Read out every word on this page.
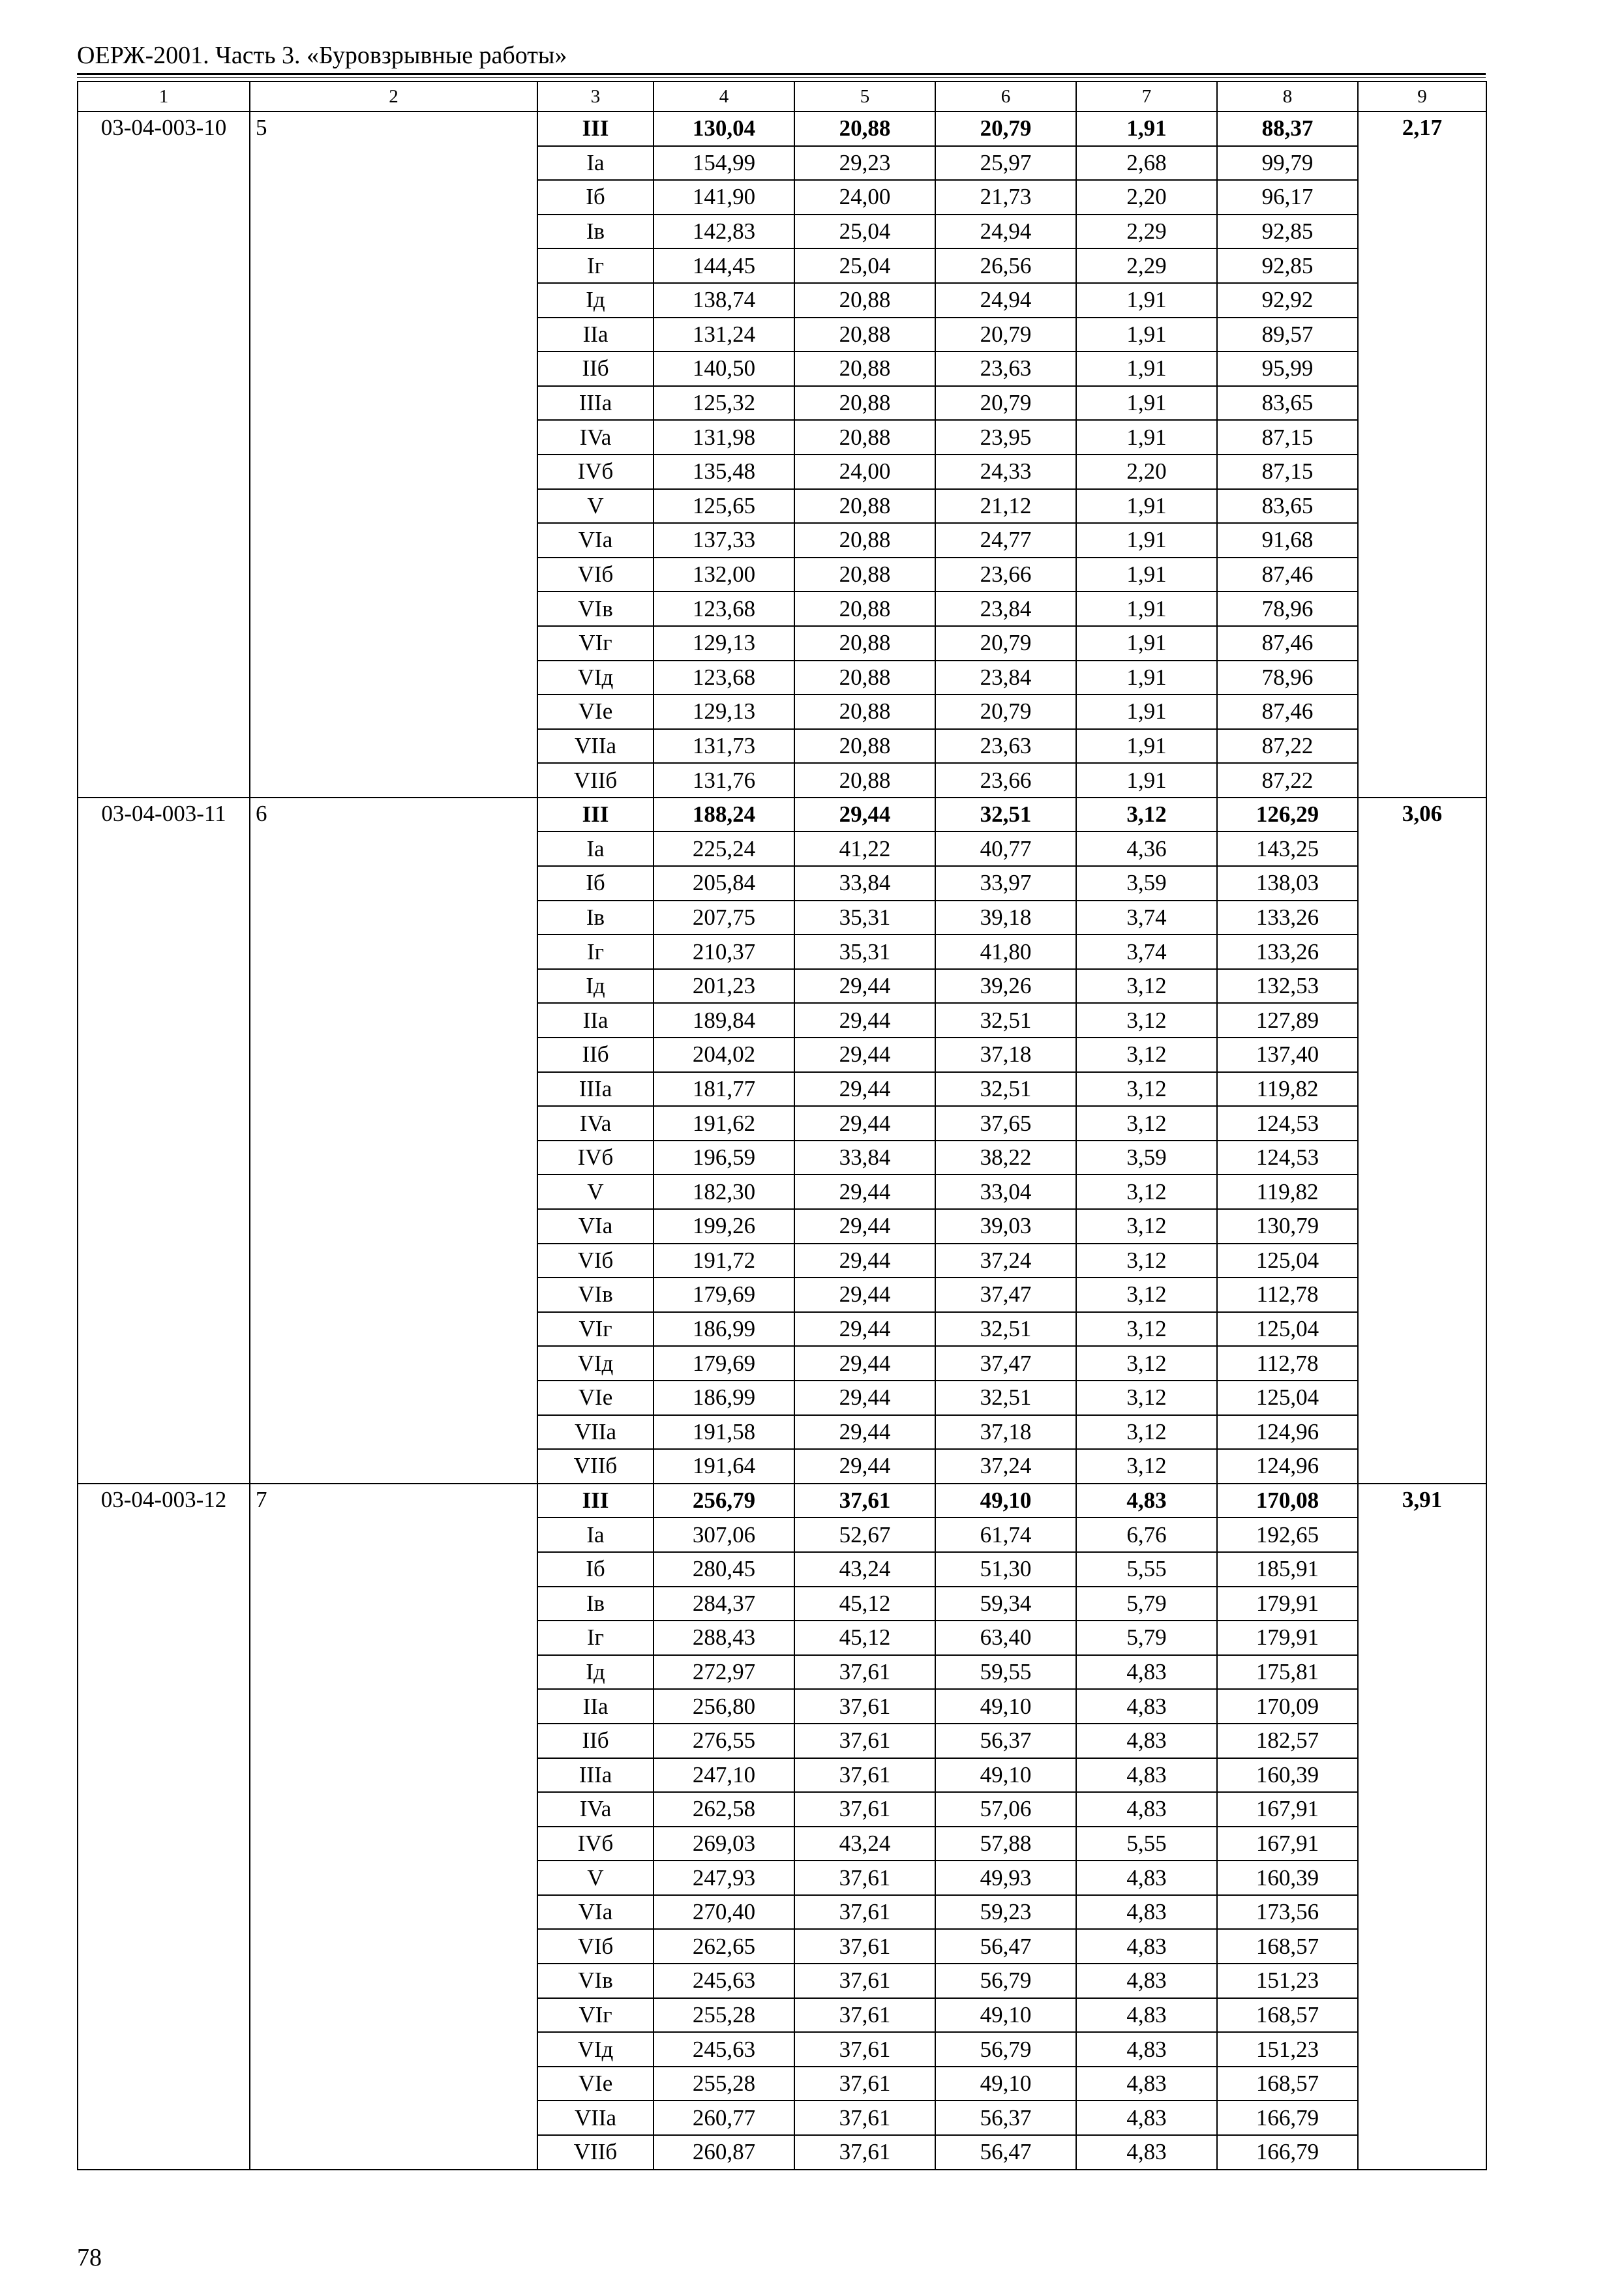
ОЕРЖ-2001. Часть 3. «Буровзрывные работы»
1	2	3	4	5	6	7	8	9
03-04-003-10	5	III	130,04	20,88	20,79	1,91	88,37	2,17
		Ia	154,99	29,23	25,97	2,68	99,79	
		Iб	141,90	24,00	21,73	2,20	96,17	
		Iв	142,83	25,04	24,94	2,29	92,85	
		Iг	144,45	25,04	26,56	2,29	92,85	
		Iд	138,74	20,88	24,94	1,91	92,92	
		IIa	131,24	20,88	20,79	1,91	89,57	
		IIб	140,50	20,88	23,63	1,91	95,99	
		IIIa	125,32	20,88	20,79	1,91	83,65	
		IVa	131,98	20,88	23,95	1,91	87,15	
		IVб	135,48	24,00	24,33	2,20	87,15	
		V	125,65	20,88	21,12	1,91	83,65	
		VIa	137,33	20,88	24,77	1,91	91,68	
		VIб	132,00	20,88	23,66	1,91	87,46	
		VIв	123,68	20,88	23,84	1,91	78,96	
		VIг	129,13	20,88	20,79	1,91	87,46	
		VIд	123,68	20,88	23,84	1,91	78,96	
		VIe	129,13	20,88	20,79	1,91	87,46	
		VIIa	131,73	20,88	23,63	1,91	87,22	
		VIIб	131,76	20,88	23,66	1,91	87,22	
03-04-003-11	6	III	188,24	29,44	32,51	3,12	126,29	3,06
		Ia	225,24	41,22	40,77	4,36	143,25	
		Iб	205,84	33,84	33,97	3,59	138,03	
		Iв	207,75	35,31	39,18	3,74	133,26	
		Iг	210,37	35,31	41,80	3,74	133,26	
		Iд	201,23	29,44	39,26	3,12	132,53	
		IIa	189,84	29,44	32,51	3,12	127,89	
		IIб	204,02	29,44	37,18	3,12	137,40	
		IIIa	181,77	29,44	32,51	3,12	119,82	
		IVa	191,62	29,44	37,65	3,12	124,53	
		IVб	196,59	33,84	38,22	3,59	124,53	
		V	182,30	29,44	33,04	3,12	119,82	
		VIa	199,26	29,44	39,03	3,12	130,79	
		VIб	191,72	29,44	37,24	3,12	125,04	
		VIв	179,69	29,44	37,47	3,12	112,78	
		VIг	186,99	29,44	32,51	3,12	125,04	
		VIд	179,69	29,44	37,47	3,12	112,78	
		VIe	186,99	29,44	32,51	3,12	125,04	
		VIIa	191,58	29,44	37,18	3,12	124,96	
		VIIб	191,64	29,44	37,24	3,12	124,96	
03-04-003-12	7	III	256,79	37,61	49,10	4,83	170,08	3,91
		Ia	307,06	52,67	61,74	6,76	192,65	
		Iб	280,45	43,24	51,30	5,55	185,91	
		Iв	284,37	45,12	59,34	5,79	179,91	
		Iг	288,43	45,12	63,40	5,79	179,91	
		Iд	272,97	37,61	59,55	4,83	175,81	
		IIa	256,80	37,61	49,10	4,83	170,09	
		IIб	276,55	37,61	56,37	4,83	182,57	
		IIIa	247,10	37,61	49,10	4,83	160,39	
		IVa	262,58	37,61	57,06	4,83	167,91	
		IVб	269,03	43,24	57,88	5,55	167,91	
		V	247,93	37,61	49,93	4,83	160,39	
		VIa	270,40	37,61	59,23	4,83	173,56	
		VIб	262,65	37,61	56,47	4,83	168,57	
		VIв	245,63	37,61	56,79	4,83	151,23	
		VIг	255,28	37,61	49,10	4,83	168,57	
		VIд	245,63	37,61	56,79	4,83	151,23	
		VIe	255,28	37,61	49,10	4,83	168,57	
		VIIa	260,77	37,61	56,37	4,83	166,79	
		VIIб	260,87	37,61	56,47	4,83	166,79	
78
